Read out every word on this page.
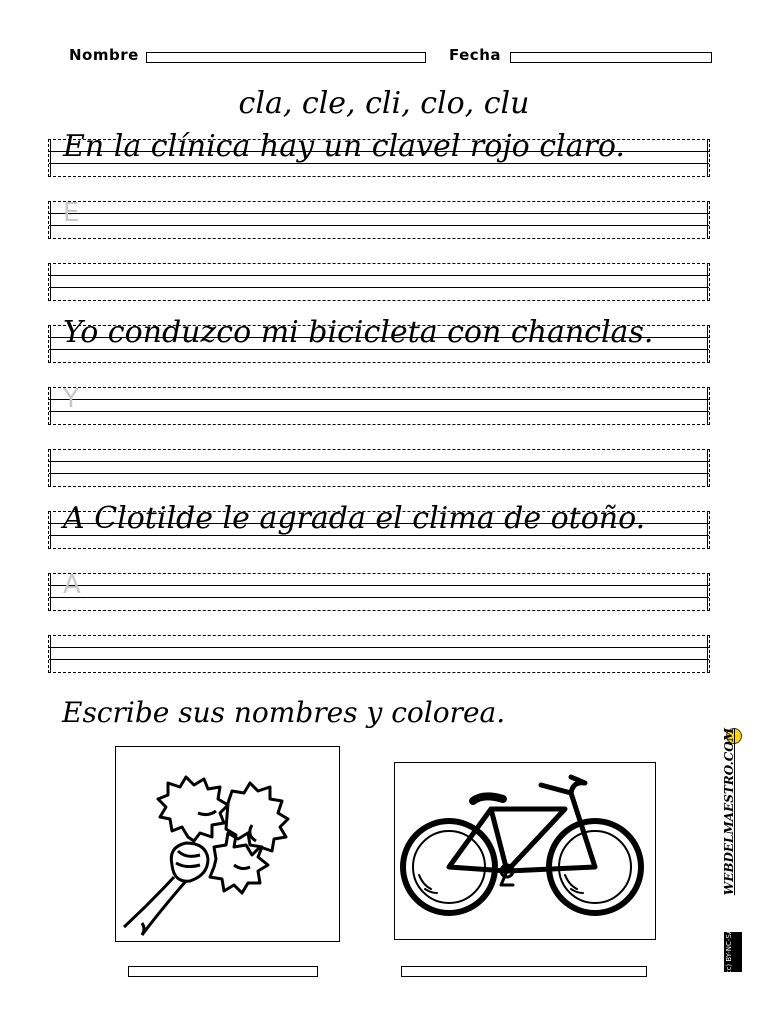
Nombre	Fecha
cla, cle, cli, clo, clu
En la clínica hay un clavel rojo claro.
E
Yo conduzco mi bicicleta con chanclas.
Y
A Clotilde le agrada el clima de otoño.
A
Escribe sus nombres y colorea.
WEBDELMAESTRO.COM
(cc) BY-NC-SA
